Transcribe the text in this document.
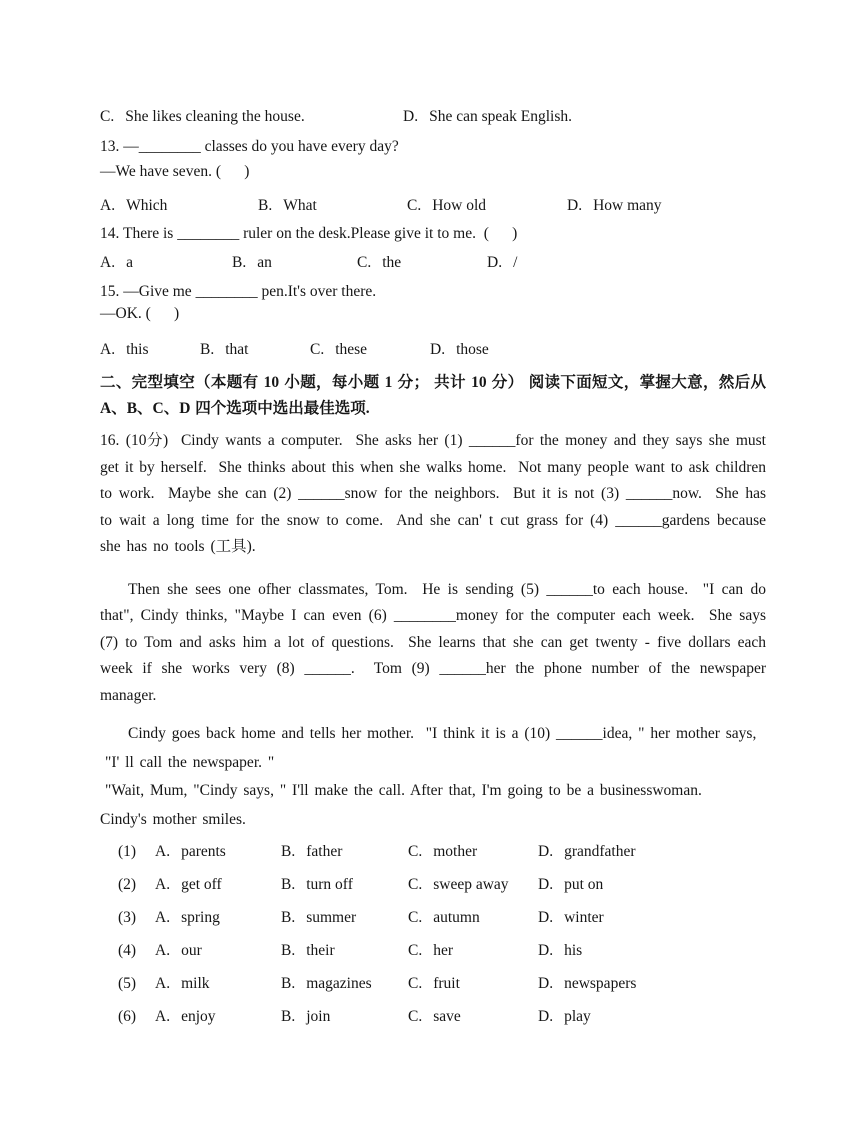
C. She likes cleaning the house.	D. She can speak English.
13. —________ classes do you have every day?
—We have seven. (      )
A. Which	B. What	C. How old	D. How many
14. There is ________ ruler on the desk.Please give it to me.  (      )
A. a	B. an	C. the	D. /
15. —Give me ________ pen.It's over there.
—OK. (      )
A. this	B. that	C. these	D. those
二、完型填空（本题有 10 小题，每小题 1 分； 共计 10 分） 阅读下面短文，掌握大意，然后从 A、B、C、D 四个选项中选出最佳选项.
16. (10分)  Cindy wants a computer.  She asks her (1) ______for the money and they says she must get it by herself.  She thinks about this when she walks home.  Not many people want to ask children to work.  Maybe she can (2) ______snow for the neighbors.  But it is not (3) ______now.  She has to wait a long time for the snow to come.  And she can' t cut grass for (4) ______gardens because she has no tools (工具).
Then she sees one ofher classmates, Tom.  He is sending (5) ______to each house.  "I can do that", Cindy thinks, "Maybe I can even (6) ________money for the computer each week.  She says (7) to Tom and asks him a lot of questions.  She learns that she can get twenty - five dollars each week if she works very (8) ______.  Tom (9) ______her the phone number of the newspaper manager.
Cindy goes back home and tells her mother.  "I think it is a (10) ______idea, " her mother says,
"I' ll call the newspaper. "
"Wait, Mum, "Cindy says, " I'll make the call. After that, I'm going to be a businesswoman.
Cindy's mother smiles.
(1)	A. parents	B. father	C. mother	D. grandfather
(2)	A. get off	B. turn off	C. sweep away	D. put on
(3)	A. spring	B. summer	C. autumn	D. winter
(4)	A. our	B. their	C. her	D. his
(5)	A. milk	B. magazines	C. fruit	D. newspapers
(6)	A. enjoy	B. join	C. save	D. play
